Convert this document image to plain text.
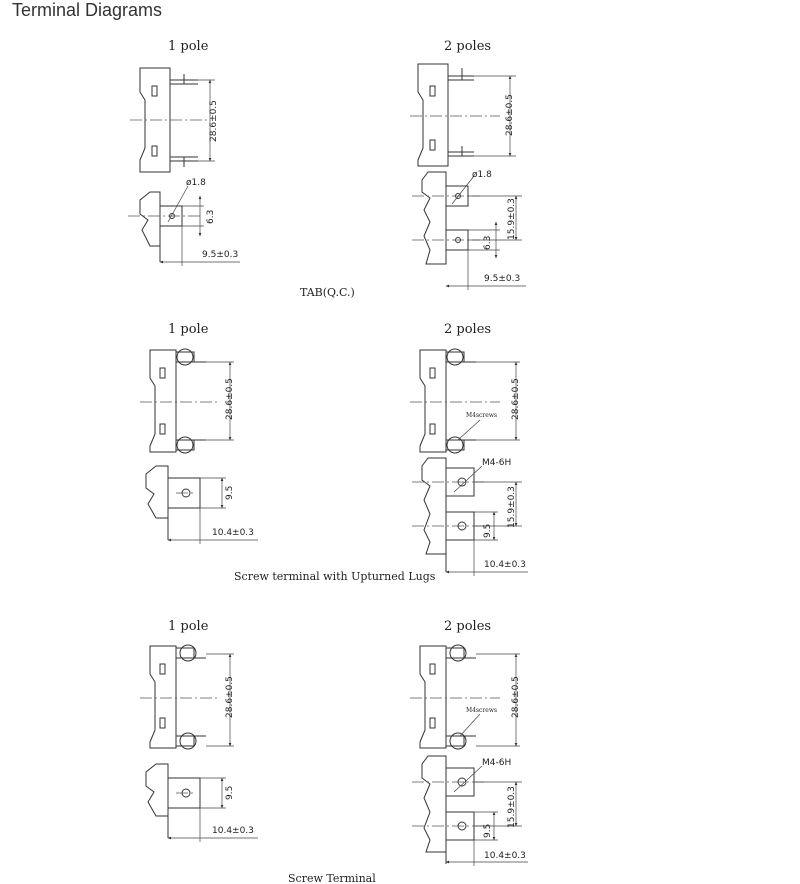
Terminal Diagrams
1 pole	2 poles
28.6±0.5
ø1.8
6.3
9.5±0.3
28.6±0.5
ø1.8
15.9±0.3
6.3
9.5±0.3
TAB(Q.C.)
1 pole	2 poles
28.6±0.5
9.5
10.4±0.3
M4screws 28.6±0.5
M4-6H
15.9±0.3
9.5
10.4±0.3
Screw terminal with Upturned Lugs
1 pole	2 poles
28.6±0.5
9.5
10.4±0.3
M4screws 28.6±0.5
M4-6H
15.9±0.3
9.5
10.4±0.3
Screw Terminal
